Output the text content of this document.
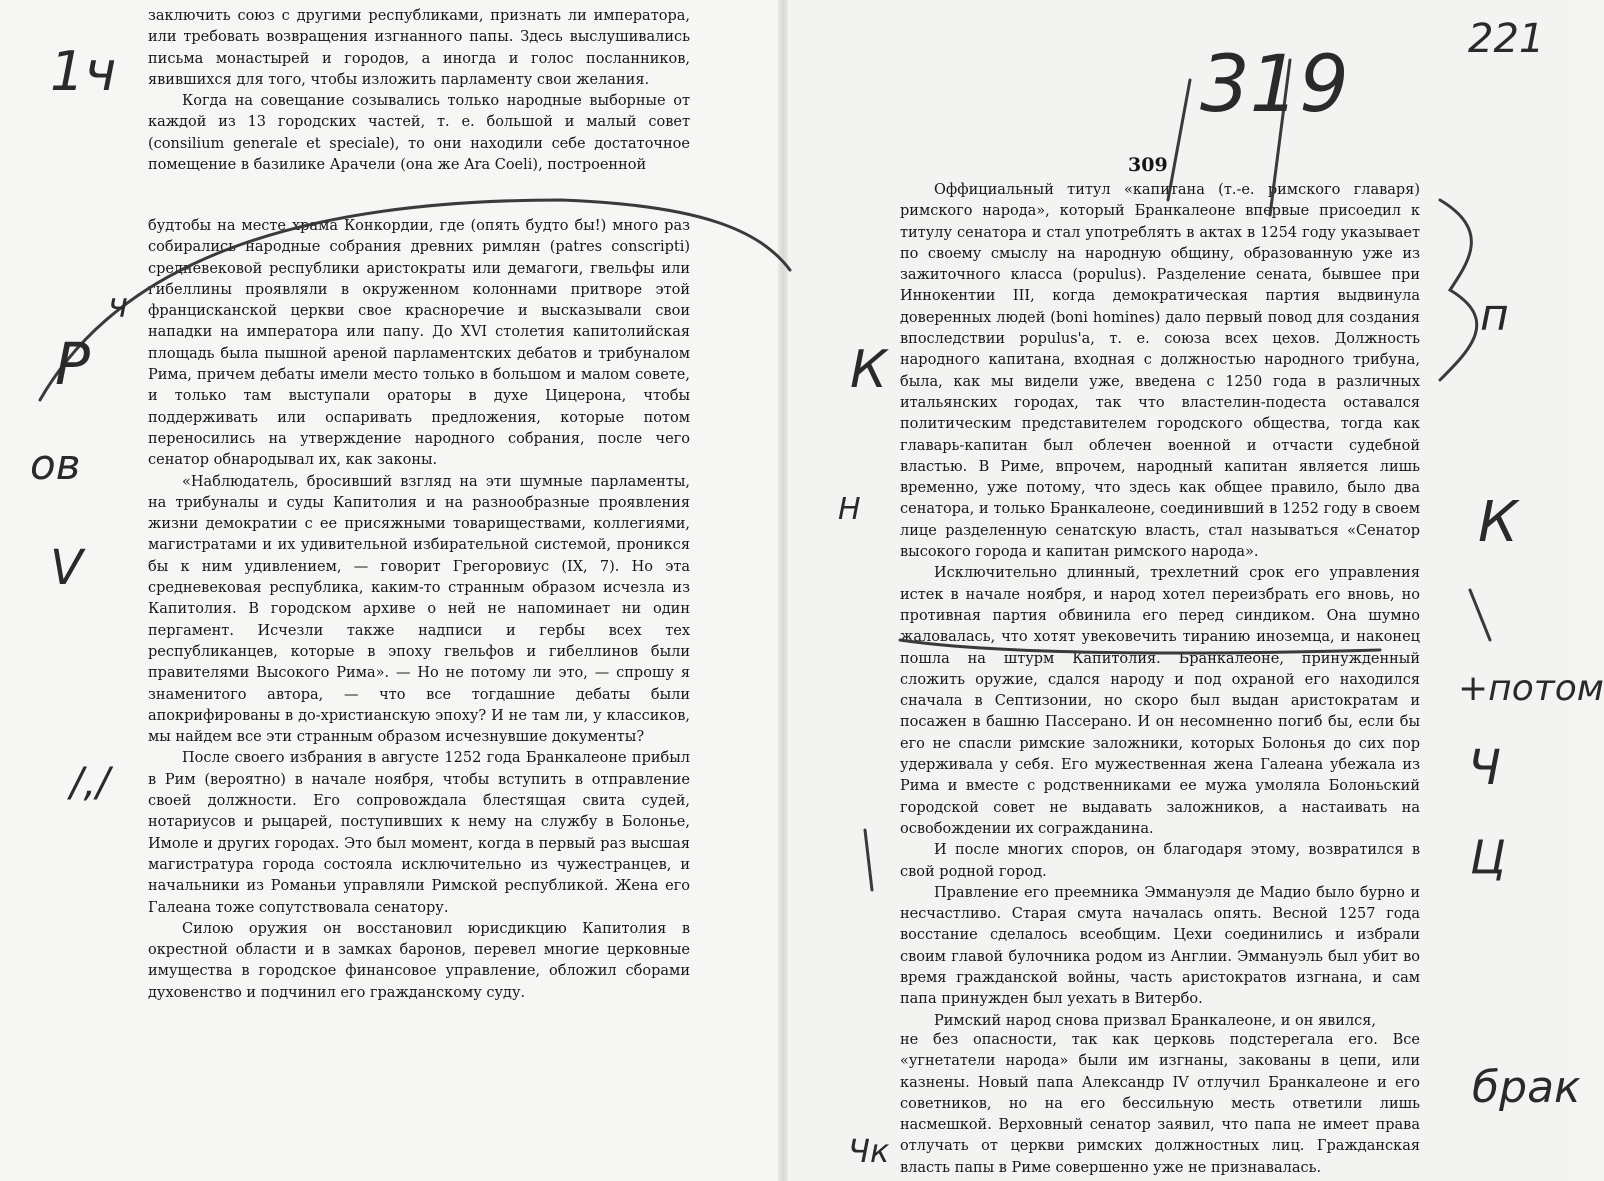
заключить союз с другими республиками, признать ли императора, или требовать возвращения изгнанного папы. Здесь выслушивались письма монастырей и городов, а иногда и голос посланников, явившихся для того, чтобы изложить парламенту свои желания.

Когда на совещание созывались только народные выборные от каждой из 13 городских частей, т. е. большой и малый совет (consilium generale et speciale), то они находили себе достаточное помещение в базилике Арачели (она же Ara Coeli), построенной

будтобы на месте храма Конкордии, где (опять будто бы!) много раз собирались народные собрания древних римлян (patres conscripti) средневековой республики аристократы или демагоги, гвельфы или гибеллины проявляли в окруженном колоннами притворе этой францисканской церкви свое красноречие и высказывали свои нападки на императора или папу. До XVI столетия капитолийская площадь была пышной ареной парламентских дебатов и трибуналом Рима, причем дебаты имели место только в большом и малом совете, и только там выступали ораторы в духе Цицерона, чтобы поддерживать или оспаривать предложения, которые потом переносились на утверждение народного собрания, после чего сенатор обнародывал их, как законы.

«Наблюдатель, бросивший взгляд на эти шумные парламенты, на трибуналы и суды Капитолия и на разнообразные проявления жизни демократии с ее присяжными товариществами, коллегиями, магистратами и их удивительной избирательной системой, проникся бы к ним удивлением, — говорит Грегоровиус (IX, 7). Но эта средневековая республика, каким-то странным образом исчезла из Капитолия. В городском архиве о ней не напоминает ни один пергамент. Исчезли также надписи и гербы всех тех республиканцев, которые в эпоху гвельфов и гибеллинов были правителями Высокого Рима». — Но не потому ли это, — спрошу я знаменитого автора, — что все тогдашние дебаты были апокрифированы в до-христианскую эпоху? И не там ли, у классиков, мы найдем все эти странным образом исчезнувшие документы?

После своего избрания в августе 1252 года Бранкалеоне прибыл в Рим (вероятно) в начале ноября, чтобы вступить в отправление своей должности. Его сопровождала блестящая свита судей, нотариусов и рыцарей, поступивших к нему на службу в Болонье, Имоле и других городах. Это был момент, когда в первый раз высшая магистратура города состояла исключительно из чужестранцев, и начальники из Романьи управляли Римской республикой. Жена его Галеана тоже сопутствовала сенатору.

Силою оружия он восстановил юрисдикцию Капитолия в окрестной области и в замках баронов, перевел многие церковные имущества в городское финансовое управление, обложил сборами духовенство и подчинил его гражданскому суду.

309

Оффициальный титул «капитана (т.-е. римского главаря) римского народа», который Бранкалеоне впервые присоедил к титулу сенатора и стал употреблять в актах в 1254 году указывает по своему смыслу на народную общину, образованную уже из зажиточного класса (populus). Разделение сената, бывшее при Иннокентии III, когда демократическая партия выдвинула доверенных людей (boni homines) дало первый повод для создания впоследствии populus'а, т. е. союза всех цехов. Должность народного капитана, входная с должностью народного трибуна, была, как мы видели уже, введена с 1250 года в различных итальянских городах, так что властелин-подеста оставался политическим представителем городского общества, тогда как главарь-капитан был облечен военной и отчасти судебной властью. В Риме, впрочем, народный капитан является лишь временно, уже потому, что здесь как общее правило, было два сенатора, и только Бранкалеоне, соединивший в 1252 году в своем лице разделенную сенатскую власть, стал называться «Сенатор высокого города и капитан римского народа».

Исключительно длинный, трехлетний срок его управления истек в начале ноября, и народ хотел переизбрать его вновь, но противная партия обвинила его перед синдиком. Она шумно жаловалась, что хотят увековечить тиранию иноземца, и наконец пошла на штурм Капитолия. Бранкалеоне, принужденный сложить оружие, сдался народу и под охраной его находился сначала в Септизонии, но скоро был выдан аристократам и посажен в башню Пассерано. И он несомненно погиб бы, если бы его не спасли римские заложники, которых Болонья до сих пор удерживала у себя. Его мужественная жена Галеана убежала из Рима и вместе с родственниками ее мужа умоляла Болоньский городской совет не выдавать заложников, а настаивать на освобождении их согражданина.

И после многих споров, он благодаря этому, возвратился в свой родной город.

Правление его преемника Эммануэля де Мадио было бурно и несчастливо. Старая смута началась опять. Весной 1257 года восстание сделалось всеобщим. Цехи соединились и избрали своим главой булочника родом из Англии. Эммануэль был убит во время гражданской войны, часть аристократов изгнана, и сам папа принужден был уехать в Витербо.

Римский народ снова призвал Бранкалеоне, и он явился,

не без опасности, так как церковь подстерегала его. Все «угнетатели народа» были им изгнаны, закованы в цепи, или казнены. Новый папа Александр IV отлучил Бранкалеоне и его советников, но на его бессильную месть ответили лишь насмешкой. Верховный сенатор заявил, что папа не имеет права отлучать от церкви римских должностных лиц. Гражданская власть папы в Риме совершенно уже не признавалась.

221
319
1ч
Р
ов
V
ч
/,/
К
Н	К
п
+потом
Ч
брак
Чк
Ц
